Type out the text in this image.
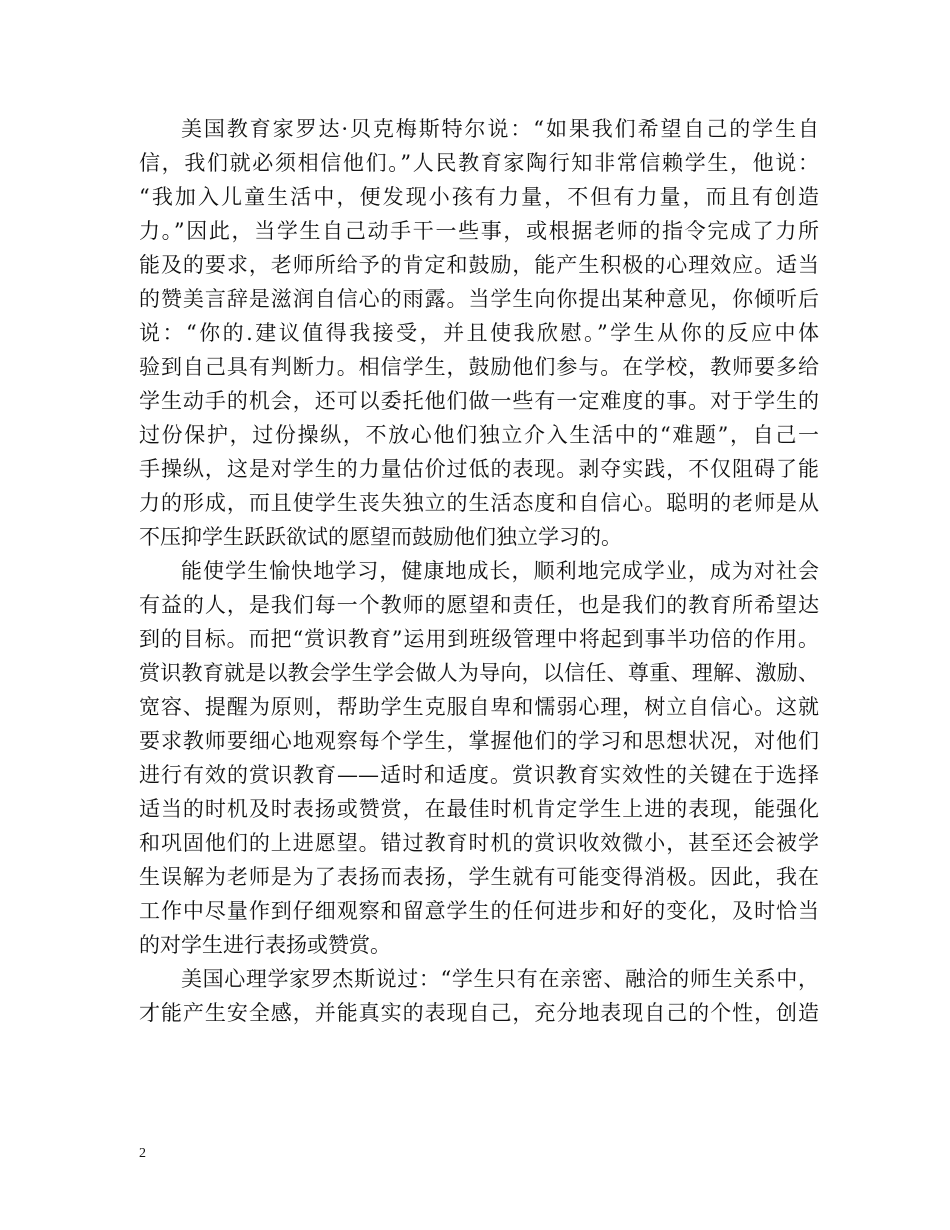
美国教育家罗达·贝克梅斯特尔说：“如果我们希望自己的学生自
信，我们就必须相信他们。”人民教育家陶行知非常信赖学生，他说：
“我加入儿童生活中，便发现小孩有力量，不但有力量，而且有创造
力。”因此，当学生自己动手干一些事，或根据老师的指令完成了力所
能及的要求，老师所给予的肯定和鼓励，能产生积极的心理效应。适当
的赞美言辞是滋润自信心的雨露。当学生向你提出某种意见，你倾听后
说：“你的.建议值得我接受，并且使我欣慰。”学生从你的反应中体
验到自己具有判断力。相信学生，鼓励他们参与。在学校，教师要多给
学生动手的机会，还可以委托他们做一些有一定难度的事。对于学生的
过份保护，过份操纵，不放心他们独立介入生活中的“难题”，自己一
手操纵，这是对学生的力量估价过低的表现。剥夺实践，不仅阻碍了能
力的形成，而且使学生丧失独立的生活态度和自信心。聪明的老师是从
不压抑学生跃跃欲试的愿望而鼓励他们独立学习的。
能使学生愉快地学习，健康地成长，顺利地完成学业，成为对社会
有益的人，是我们每一个教师的愿望和责任，也是我们的教育所希望达
到的目标。而把“赏识教育”运用到班级管理中将起到事半功倍的作用。
赏识教育就是以教会学生学会做人为导向，以信任、尊重、理解、激励、
宽容、提醒为原则，帮助学生克服自卑和懦弱心理，树立自信心。这就
要求教师要细心地观察每个学生，掌握他们的学习和思想状况，对他们
进行有效的赏识教育——适时和适度。赏识教育实效性的关键在于选择
适当的时机及时表扬或赞赏，在最佳时机肯定学生上进的表现，能强化
和巩固他们的上进愿望。错过教育时机的赏识收效微小，甚至还会被学
生误解为老师是为了表扬而表扬，学生就有可能变得消极。因此，我在
工作中尽量作到仔细观察和留意学生的任何进步和好的变化，及时恰当
的对学生进行表扬或赞赏。
美国心理学家罗杰斯说过：“学生只有在亲密、融洽的师生关系中，
才能产生安全感，并能真实的表现自己，充分地表现自己的个性，创造
2
